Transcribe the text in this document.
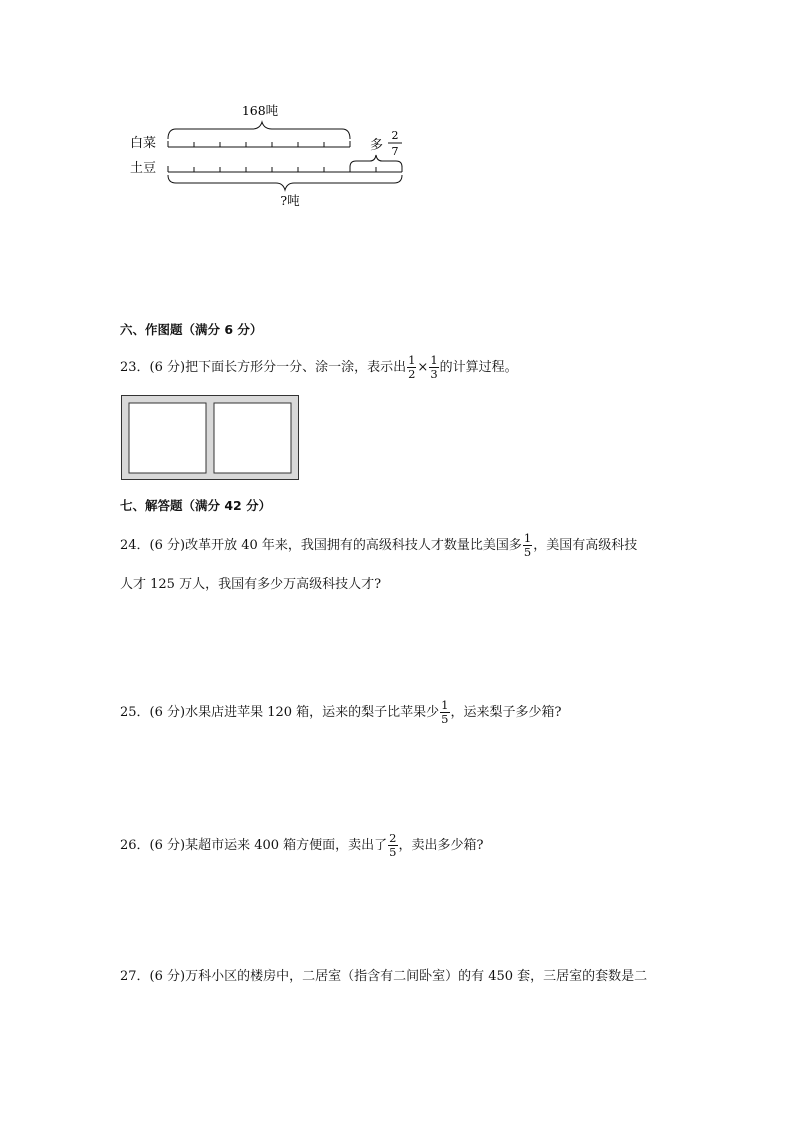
168吨
白菜
土豆
多
2
7
?吨
六、作图题（满分 6 分）
23．(6 分)把下面长方形分一分、涂一涂，表示出 $\frac{1}{2} \times \frac{1}{3}$ 的计算过程。
七、解答题（满分 42 分）
24．(6 分)改革开放 40 年来，我国拥有的高级科技人才数量比美国多 $\frac{1}{5}$ ，美国有高级科技
人才 125 万人，我国有多少万高级科技人才?
25．(6 分)水果店进苹果 120 箱，运来的梨子比苹果少 $\frac{1}{5}$ ，运来梨子多少箱?
26．(6 分)某超市运来 400 箱方便面，卖出了 $\frac{2}{5}$ ，卖出多少箱?
27．(6 分)万科小区的楼房中，二居室（指含有二间卧室）的有 450 套，三居室的套数是二
